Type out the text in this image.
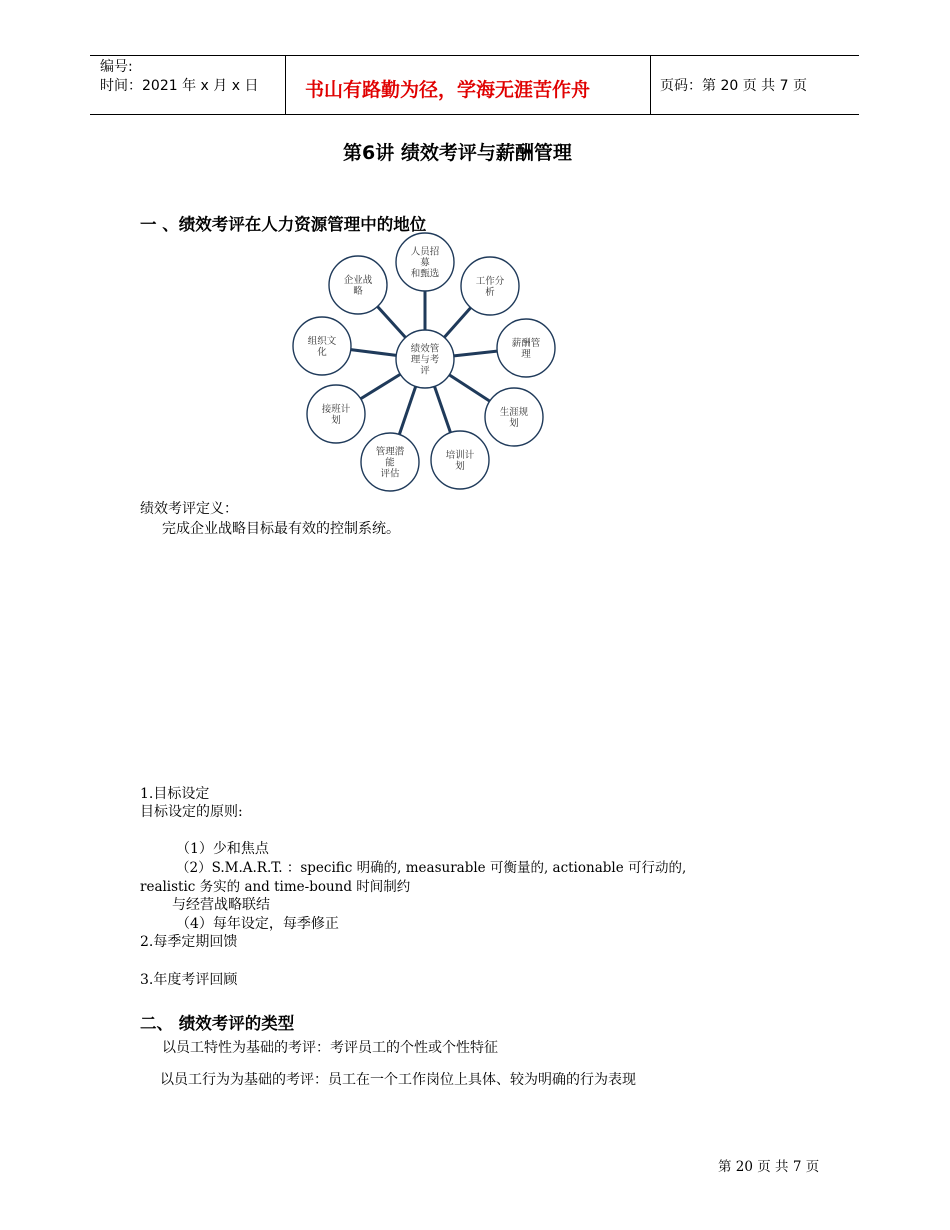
编号:
时间：2021 年 x 月 x 日 书山有路勤为径，学海无涯苦作舟	页码：第 20 页 共 7 页
第6讲 绩效考评与薪酬管理
一 、绩效考评在人力资源管理中的地位
绩效管
理与考
评
人员招
募
和甄选
工作分
析
薪酬管
理
生涯规
划
培训计
划
管理潜
能
评估
接班计
划
组织文
化
企业战
略
绩效考评定义：
完成企业战略目标最有效的控制系统。
1.目标设定
目标设定的原则:
（1）少和焦点
（2）S.M.A.R.T. ：specific 明确的, measurable 可衡量的, actionable 可行动的,
realistic 务实的 and time-bound 时间制约
与经营战略联结
（4）每年设定，每季修正
2.每季定期回馈
3.年度考评回顾
二、 绩效考评的类型
以员工特性为基础的考评：考评员工的个性或个性特征
以员工行为为基础的考评：员工在一个工作岗位上具体、较为明确的行为表现
第 20 页 共 7 页
